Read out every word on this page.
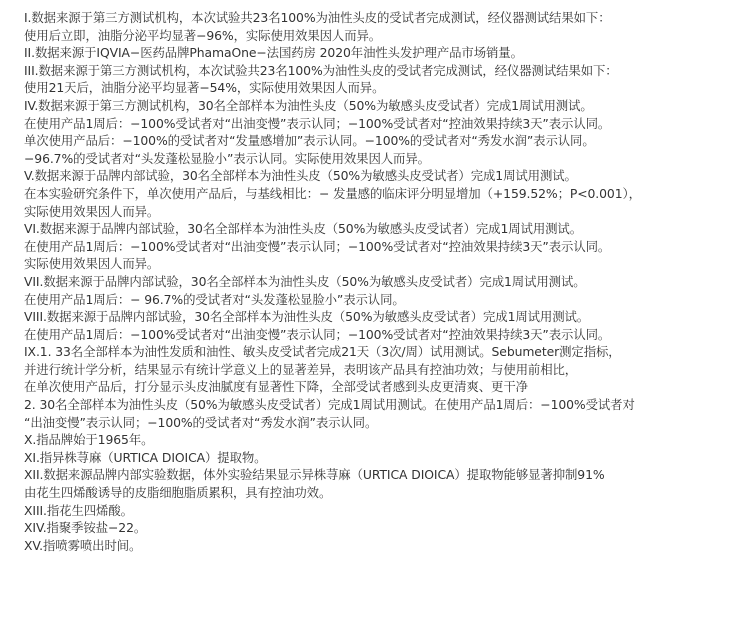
I.数据来源于第三方测试机构，本次试验共23名100%为油性头皮的受试者完成测试，经仪器测试结果如下：
使用后立即，油脂分泌平均显著−96%，实际使用效果因人而异。
II.数据来源于IQVIA−医药品牌PhamaOne−法国药房 2020年油性头发护理产品市场销量。
III.数据来源于第三方测试机构，本次试验共23名100%为油性头皮的受试者完成测试，经仪器测试结果如下：
使用21天后，油脂分泌平均显著−54%，实际使用效果因人而异。
IV.数据来源于第三方测试机构，30名全部样本为油性头皮（50%为敏感头皮受试者）完成1周试用测试。
在使用产品1周后：−100%受试者对“出油变慢”表示认同；−100%受试者对“控油效果持续3天”表示认同。
单次使用产品后：−100%的受试者对“发量感增加”表示认同。−100%的受试者对“秀发水润”表示认同。
−96.7%的受试者对“头发蓬松显脸小”表示认同。实际使用效果因人而异。
V.数据来源于品牌内部试验，30名全部样本为油性头皮（50%为敏感头皮受试者）完成1周试用测试。
在本实验研究条件下，单次使用产品后，与基线相比：− 发量感的临床评分明显增加（+159.52%；P<0.001），
实际使用效果因人而异。
VI.数据来源于品牌内部试验，30名全部样本为油性头皮（50%为敏感头皮受试者）完成1周试用测试。
在使用产品1周后：−100%受试者对“出油变慢”表示认同；−100%受试者对“控油效果持续3天”表示认同。
实际使用效果因人而异。
VII.数据来源于品牌内部试验，30名全部样本为油性头皮（50%为敏感头皮受试者）完成1周试用测试。
在使用产品1周后：− 96.7%的受试者对“头发蓬松显脸小”表示认同。
VIII.数据来源于品牌内部试验，30名全部样本为油性头皮（50%为敏感头皮受试者）完成1周试用测试。
在使用产品1周后：−100%受试者对“出油变慢”表示认同；−100%受试者对“控油效果持续3天”表示认同。
IX.1. 33名全部样本为油性发质和油性、敏头皮受试者完成21天（3次/周）试用测试。Sebumeter测定指标，
并进行统计学分析，结果显示有统计学意义上的显著差异，表明该产品具有控油功效；与使用前相比，
在单次使用产品后，打分显示头皮油腻度有显著性下降，全部受试者感到头皮更清爽、更干净
2. 30名全部样本为油性头皮（50%为敏感头皮受试者）完成1周试用测试。在使用产品1周后：−100%受试者对
“出油变慢”表示认同；−100%的受试者对“秀发水润”表示认同。
X.指品牌始于1965年。
XI.指异株荨麻（URTICA DIOICA）提取物。
XII.数据来源品牌内部实验数据，体外实验结果显示异株荨麻（URTICA DIOICA）提取物能够显著抑制91%
由花生四烯酸诱导的皮脂细胞脂质累积，具有控油功效。
XIII.指花生四烯酸。
XIV.指聚季铵盐−22。
XV.指喷雾喷出时间。
